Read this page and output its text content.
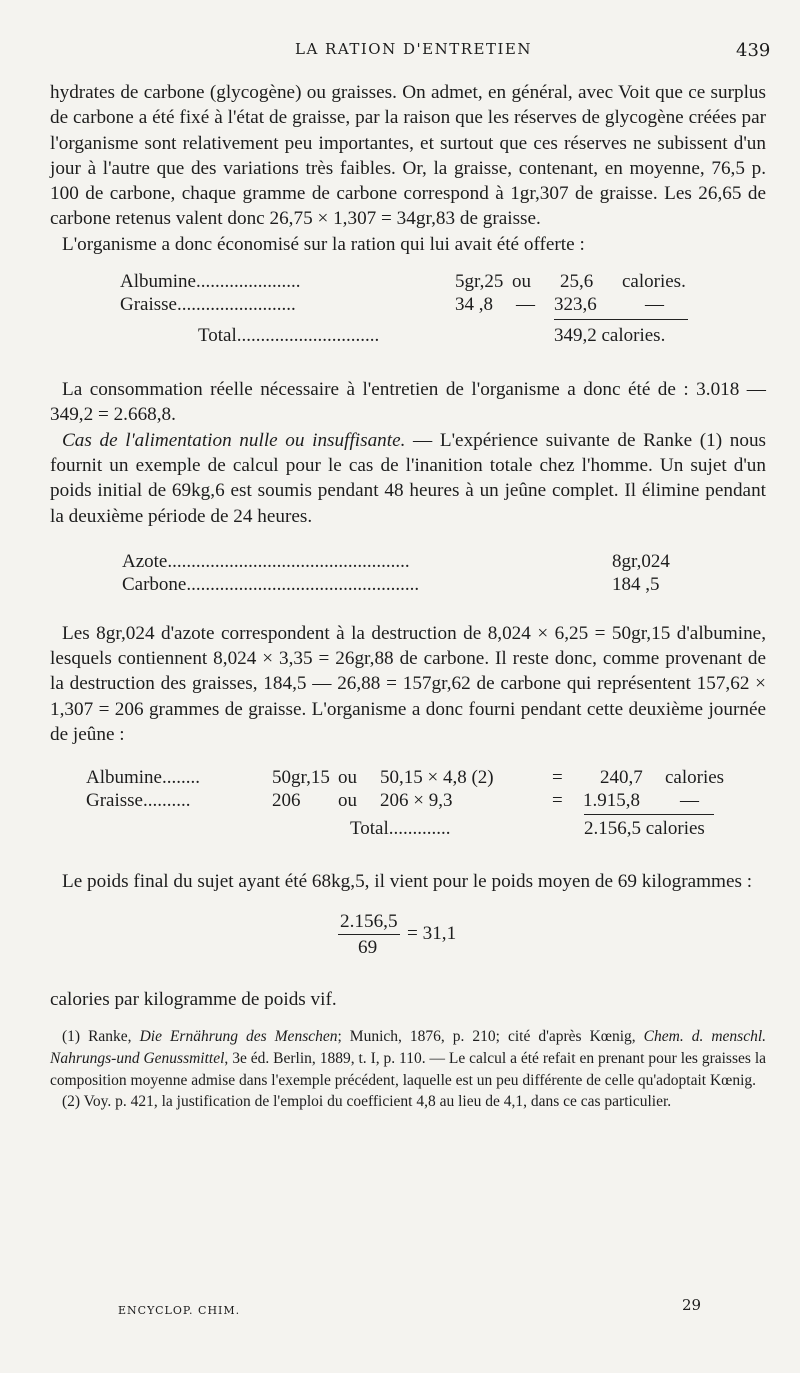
LA RATION D'ENTRETIEN	439

hydrates de carbone (glycogène) ou graisses. On admet, en général, avec Voit que ce surplus de carbone a été fixé à l'état de graisse, par la raison que les réserves de glycogène créées par l'organisme sont relativement peu importantes, et surtout que ces réserves ne subissent d'un jour à l'autre que des variations très faibles. Or, la graisse, contenant, en moyenne, 76,5 p. 100 de carbone, chaque gramme de carbone correspond à 1gr,307 de graisse. Les 26,65 de carbone retenus valent donc 26,75 × 1,307 = 34gr,83 de graisse.

L'organisme a donc économisé sur la ration qui lui avait été offerte :

Albumine......................	5gr,25 ou 25,6 calories.
Graisse.........................	34 ,8 — 323,6	—
Total..............................	349,2 calories.

La consommation réelle nécessaire à l'entretien de l'organisme a donc été de : 3.018 — 349,2 = 2.668,8.

Cas de l'alimentation nulle ou insuffisante. — L'expérience suivante de Ranke (1) nous fournit un exemple de calcul pour le cas de l'inanition totale chez l'homme. Un sujet d'un poids initial de 69kg,6 est soumis pendant 48 heures à un jeûne complet. Il élimine pendant la deuxième période de 24 heures.

Azote...................................................	8gr,024
Carbone.................................................	184 ,5

Les 8gr,024 d'azote correspondent à la destruction de 8,024 × 6,25 = 50gr,15 d'albumine, lesquels contiennent 8,024 × 3,35 = 26gr,88 de carbone. Il reste donc, comme provenant de la destruction des graisses, 184,5 — 26,88 = 157gr,62 de carbone qui représentent 157,62 × 1,307 = 206 grammes de graisse. L'organisme a donc fourni pendant cette deuxième journée de jeûne :

Albumine........	50gr,15 ou 50,15 × 4,8 (2)	= 240,7 calories
Graisse..........	206 ou 206 × 9,3	= 1.915,8 —
Total.............	2.156,5 calories

Le poids final du sujet ayant été 68kg,5, il vient pour le poids moyen de 69 kilogrammes :

2.156,5
69
= 31,1

calories par kilogramme de poids vif.

(1) Ranke, Die Ernährung des Menschen; Munich, 1876, p. 210; cité d'après Kœnig, Chem. d. menschl. Nahrungs-und Genussmittel, 3e éd. Berlin, 1889, t. I, p. 110. — Le calcul a été refait en prenant pour les graisses la composition moyenne admise dans l'exemple précédent, laquelle est un peu différente de celle qu'adoptait Kœnig.

(2) Voy. p. 421, la justification de l'emploi du coefficient 4,8 au lieu de 4,1, dans ce cas particulier.

ENCYCLOP. CHIM.	29
